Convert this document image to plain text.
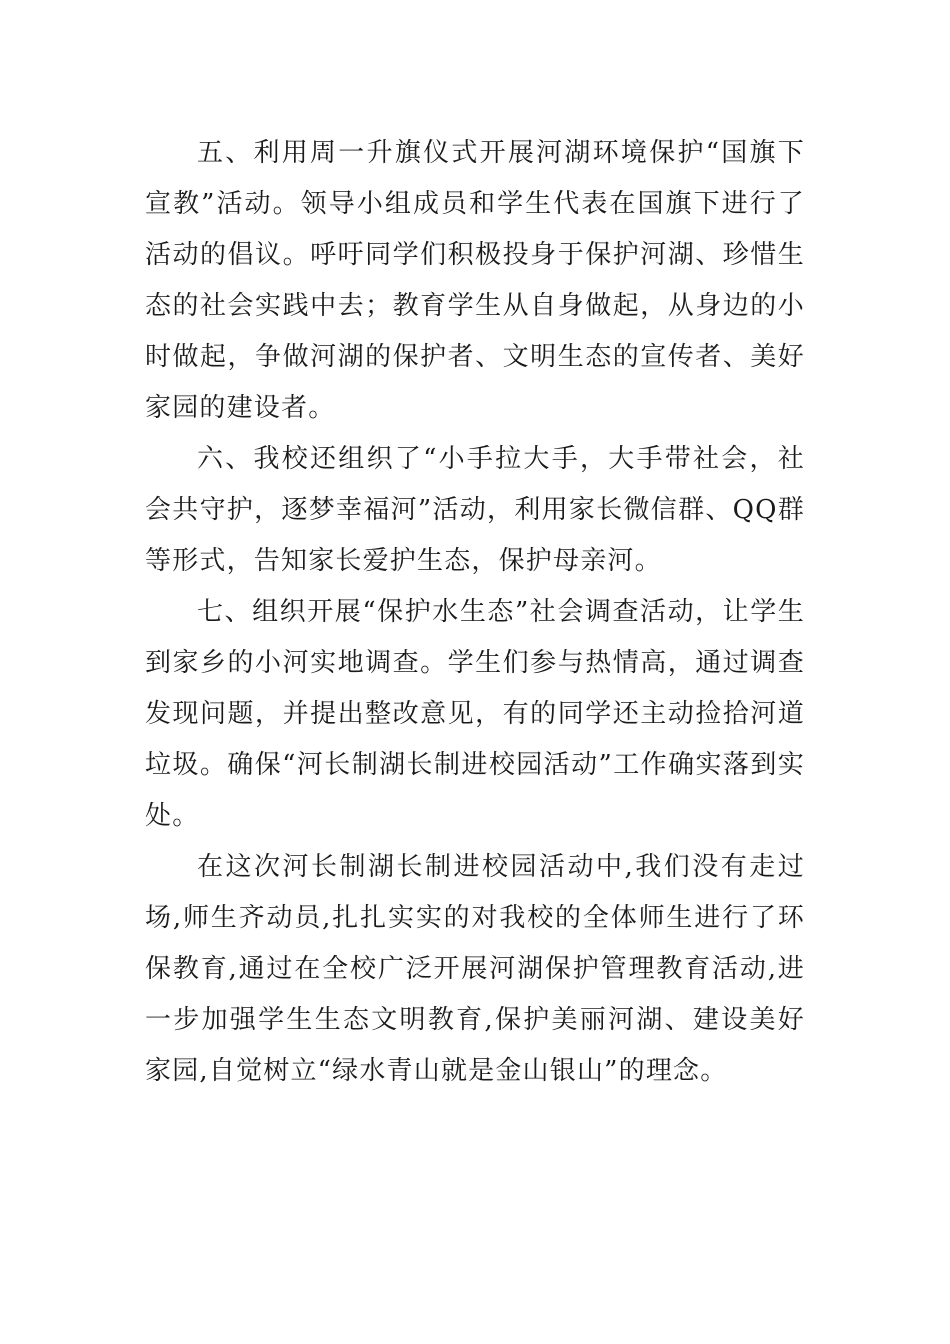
五、利用周一升旗仪式开展河湖环境保护“国旗下宣教”活动。领导小组成员和学生代表在国旗下进行了活动的倡议。呼吁同学们积极投身于保护河湖、珍惜生态的社会实践中去；教育学生从自身做起，从身边的小时做起，争做河湖的保护者、文明生态的宣传者、美好家园的建设者。

六、我校还组织了“小手拉大手，大手带社会，社会共守护，逐梦幸福河”活动，利用家长微信群、QQ群等形式，告知家长爱护生态，保护母亲河。

七、组织开展“保护水生态”社会调查活动，让学生到家乡的小河实地调查。学生们参与热情高，通过调查发现问题，并提出整改意见，有的同学还主动捡拾河道垃圾。确保“河长制湖长制进校园活动”工作确实落到实处。

在这次河长制湖长制进校园活动中,我们没有走过场,师生齐动员,扎扎实实的对我校的全体师生进行了环保教育,通过在全校广泛开展河湖保护管理教育活动,进一步加强学生生态文明教育,保护美丽河湖、建设美好家园,自觉树立“绿水青山就是金山银山”的理念。
